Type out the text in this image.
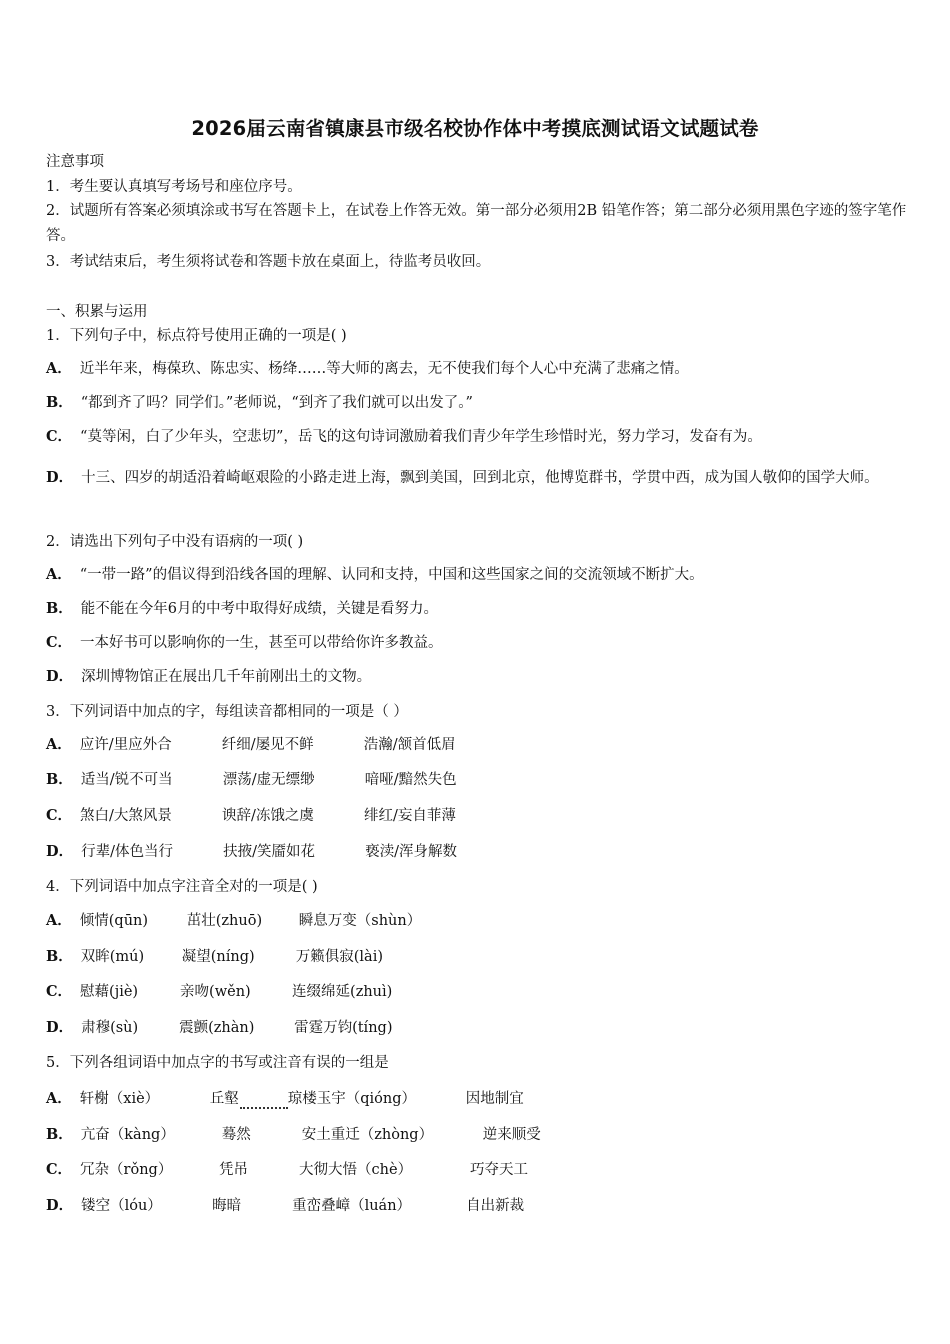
2026届云南省镇康县市级名校协作体中考摸底测试语文试题试卷
注意事项
1．考生要认真填写考场号和座位序号。
2．试题所有答案必须填涂或书写在答题卡上，在试卷上作答无效。第一部分必须用2B 铅笔作答；第二部分必须用黑色字迹的签字笔作答。
3．考试结束后，考生须将试卷和答题卡放在桌面上，待监考员收回。
一、积累与运用
1．下列句子中，标点符号使用正确的一项是( )
A． 近半年来，梅葆玖、陈忠实、杨绛……等大师的离去，无不使我们每个人心中充满了悲痛之情。
B． “都到齐了吗？同学们。”老师说，“到齐了我们就可以出发了。”
C． “莫等闲，白了少年头，空悲切”，岳飞的这句诗词激励着我们青少年学生珍惜时光，努力学习，发奋有为。
D． 十三、四岁的胡适沿着崎岖艰险的小路走进上海，飘到美国，回到北京，他博览群书，学贯中西，成为国人敬仰的国学大师。
2．请选出下列句子中没有语病的一项( )
A． “一带一路”的倡议得到沿线各国的理解、认同和支持，中国和这些国家之间的交流领域不断扩大。
B． 能不能在今年6月的中考中取得好成绩，关键是看努力。
C． 一本好书可以影响你的一生，甚至可以带给你许多教益。
D． 深圳博物馆正在展出几千年前刚出土的文物。
3．下列词语中加点的字，每组读音都相同的一项是（ ）
A． 应许/里应外合	纤细/屡见不鲜	浩瀚/颔首低眉
B． 适当/锐不可当	漂荡/虚无缥缈	喑哑/黯然失色
C． 煞白/大煞风景	谀辞/冻饿之虞	绯红/妄自菲薄
D． 行辈/体色当行	扶掖/笑靥如花	亵渎/浑身解数
4．下列词语中加点字注音全对的一项是( )
A． 倾情(qūn)	茁壮(zhuō)	瞬息万变（shùn）
B． 双眸(mú)	凝望(níng)	万籁俱寂(lài)
C． 慰藉(jiè)	亲吻(wěn)	连缀绵延(zhuì)
D． 肃穆(sù)	震颤(zhàn)	雷霆万钧(tíng)
5．下列各组词语中加点字的书写或注音有误的一组是
A． 轩榭（xiè）	丘壑	琼楼玉宇（qióng）	因地制宜
B． 亢奋（kàng）	蓦然	安土重迁（zhòng）	逆来顺受
C． 冗杂（rǒng）	凭吊	大彻大悟（chè）	巧夺天工
D． 镂空（lóu）	晦暗	重峦叠嶂（luán）	自出新裁
